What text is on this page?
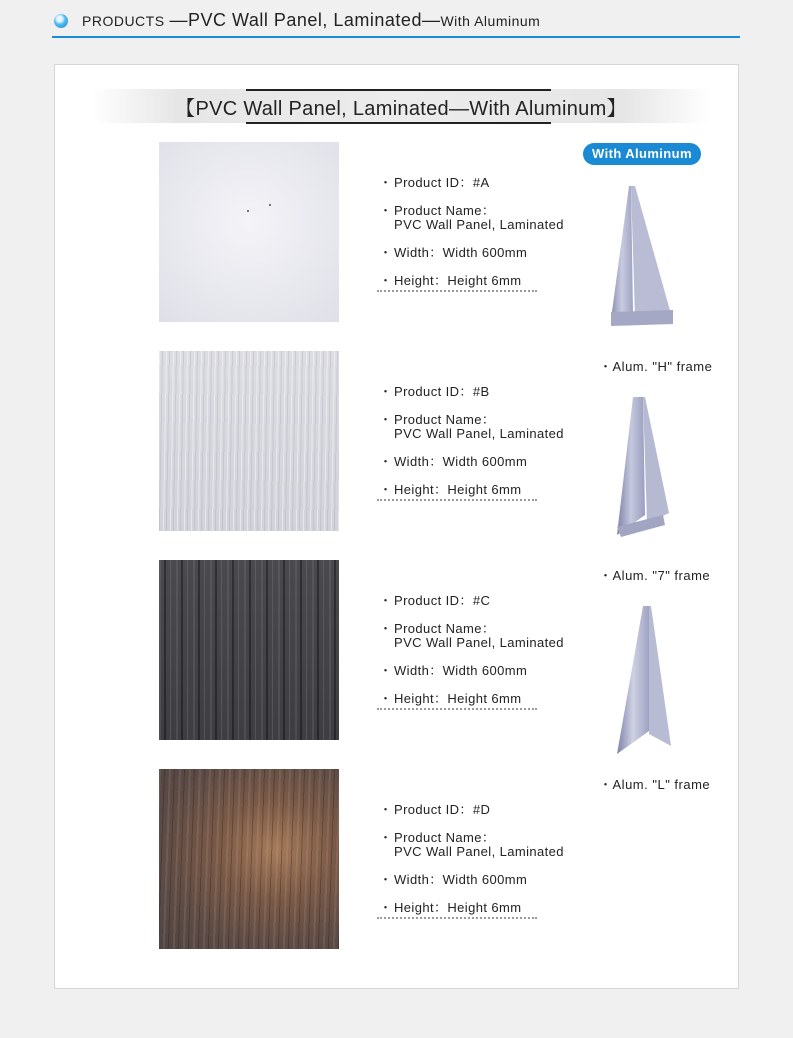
PRODUCTS —PVC Wall Panel, Laminated—With Aluminum
【PVC Wall Panel, Laminated—With Aluminum】
With Aluminum
・ Product ID：#A
・ Product Name：
PVC Wall Panel, Laminated
・ Width：Width 600mm
・ Height：Height 6mm
・Alum. "H" frame
・ Product ID：#B
・ Product Name：
PVC Wall Panel, Laminated
・ Width：Width 600mm
・ Height：Height 6mm
・Alum. "7" frame
・ Product ID：#C
・ Product Name：
PVC Wall Panel, Laminated
・ Width：Width 600mm
・ Height：Height 6mm
・Alum. "L" frame
・ Product ID：#D
・ Product Name：
PVC Wall Panel, Laminated
・ Width：Width 600mm
・ Height：Height 6mm
